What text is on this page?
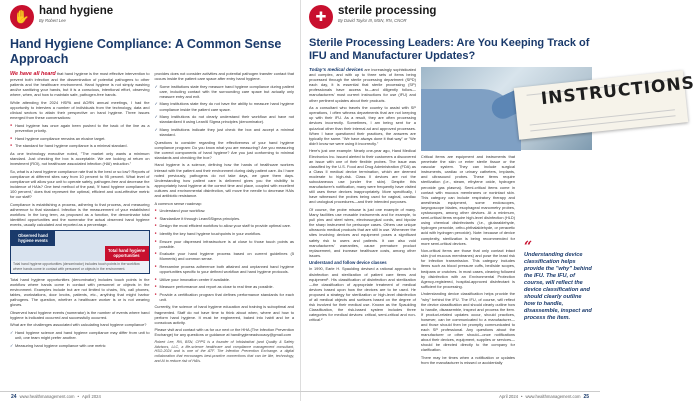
✋ hand hygiene
By Robert Lee
Hand Hygiene Compliance: A Common Sense Approach

We have all heard that hand hygiene is the most effective intervention to prevent both infection and the dissemination of potential pathogens to other patients and the healthcare environment. Hand hygiene is not simply washing and/or sanitizing your hands, but it is a conscious, intentional effort, observing where, when, and how to maintain safe, pathogen-free hands.

While attending the 2024 HSPA and AORN annual meetings, I had the opportunity to interview a number of individuals from the technology, data and clinical sectors to attain their perspective on hand hygiene. Three issues emerged from these conversations:

● Hand hygiene has once again been pushed to the back of the line as a prevention priority.

● Hand hygiene compliance remains an elusive target.

● The standard for hand hygiene compliance is a minimal standard.

As one technology executive noted, "The market only wants a minimum standard. Just checking the box is acceptable. We are looking at return on investment (ROI), not healthcare associated infection (HAI) reduction."

So, what is a hand hygiene compliance rate that is the best or so low? Reports of compliance at different sites vary from 10 percent to 95 percent. What level of compliance will allow your unit to operate safely, pathogen-free and decrease the incidence of HAIs? One best method of the past, 'if hand hygiene compliance is 100 percent,' does that represent the optimal, efficient and cost-effective metric for our staff?

Compliance is establishing a process, adhering to that process, and measuring adherence to that standard. Infection is the measurement of your established workflow. In the long term, as proposed as a function, the denominator total identified opportunities and the numerator the actual observed hand hygiene events, usually calculated and reported as a percentage.

Observed hand hygiene events
Total hand hygiene opportunities
Total hand hygiene opportunities (denominator) includes touch points in the workflow where hands come in contact with personnel or objects in the environment.

Total hand hygiene opportunities (denominator) includes touch points in the workflow where hands come in contact with personnel or objects in the environment. Examples include but are not limited to chairs, IVs, call phones, tables, workstations, door knobs, patients, etc., anything that might harbor pathogens. The question, whether a healthcare worker is or is not wearing gloves.

Observed hand hygiene events (numerator) is the number of events where hand hygiene is indicated occurred and successfully occurred.

What are the challenges associated with calculating hand hygiene compliance?

✓ Hand hygiene science and hand hygiene compliance may differ from unit to unit, one team might prefer another.

✓ Measuring hand hygiene compliance with one metric

provides does not consider activities and potential pathogen transfer contact that occurs inside the patient care space after entry hand hygiene.

✓ Some institutions state they measure hand hygiene compliance during patient care, including contact with the surrounding care space but actually only measure entry and exit.

✓ Many institutions state they do not have the ability to measure hand hygiene compliance inside the patient care space.

✓ Many institutions do not clearly understand their workflow and have not standardized it using Lean/6 Sigma principles (denominator).

✓ Many institutions indicate they just check the box and accept a minimal standard.

Questions to consider regarding the effectiveness of your hand hygiene compliance program: Do you know what you are measuring? Are you measuring the correct components of hand hygiene? Are you just conforming to minimal standards and checking the box?

Hand hygiene is a science, defining how the hands of healthcare workers interact with the patient and their environment during daily patient care. As I have noted previously, pathogens do not take days, we gave them days. Understanding how patient care is delivered gives you the visibility to appropriately hand hygiene at the correct time and place, coupled with excellent cultures and environmental disinfection, will move the needle to decrease HAIs and antibiotic resistance.

A common sense roadmap:

● Understand your workflow.

● Standardize it through Lean/6Sigma principles.

● Design the most efficient workflow to allow your staff to provide optimal care.

● Identify the key hand hygiene touchpoints in your workflow.

● Ensure your dispensed infrastructure is at close to those touch points as possible.

● Evaluate your hand hygiene process based on current guidelines (5 Moments) and common sense.

● Reexamine process adherence both attained and unplanned hand hygiene opportunities specific to your defined workflow and hand hygiene protocols.

● Utilize your innovation center if available.

● Measure performance and report as close to real time as possible.

● Provide a certification program that defines performance standards for each unit.

Currently, the science of hand hygiene education and training is suboptimal and fragmented. Staff do not have time to think about when, where and how to perform hand hygiene. It must be engineered, baked into habit and be a conscious activity.

Please visit and contact with us for our next or the HHA (The Infection Prevention Exchange) for any questions or guidance at handhygieneadvocacy@gmail.com

Robert Lee, RN, BSN, CPPS is a founder of Infolabsthat (and Quality & Safety Advisors, LLC, a life-science healthcare and compliance management consultant, HSO-2024 and is one of the ATF. The Infection Prevention Exchange. a digital collaboration that encourages best-practice connections that can be like, technology, and AI to reduce risk of HAIs.

✚	sterile processing
By David Taylor III, MSN, RN, CNOR
Sterile Processing Leaders: Are You Keeping Track of IFU and Manufacturer Updates?

Today's medical devices are increasingly sophisticated and complex, and with up to three sets of items being processed through the sterile processing department (SPD) each day, it is essential that sterile processing (SP) professionals have access to—and diligently follow—manufacturers' most current instructions for use (IFU) and other pertinent updates about their products.

As a consultant who travels the country to assist with SP operations, I often witness departments that are not keeping up with their IFU. As a result, they are often processing devices incorrectly. Sometimes, I am being sent for a quizzical other than their internal ad and approved processes. When I have questioned their practices, the answers are typically the same. "We have always done it that way" or "We didn't know we were using it incorrectly."

Here's just one example: Nearly one-year ago, Hand Medical Electronics Inc. issued alerted to their customers a discovered an issue with one of their flexible probes. The issue was classified by the U.S. Food and Drug Administration (FDA) as a Class II medical device termination, which are deemed moderate to high-risk. Class II devices are not the subcutaneous use (under the skin). Despite this manufacturer's notification, many were frequently have visited still uses these devices inappropriately. More specifically, I have witnessed the probes being used for vaginal, cardiac and urological procedures—and their intended purposes.

Of course, the probe misuse is just one example of many. Many facilities use reusable instruments and for example, to pull pins and steel wires, electrosurgical cords, and bipolar the sharp instrument for periscope cases. Others use unique ultrasonic medical products that are still in use. Whenever the sites involving devices and equipment poses a significant safety risk to users and patients. It can also void manufacturers' warranties, cause premature product replacement, and increase healthcare costs, among other issues.

Understand and follow device classes

In 1990, Earle H. Spaulding devised a rational approach to disinfection and sterilization of patient care items and equipment¹. His classification of disinfection and sterilization—the classification of appropriate treatment of medical devices based upon how the devices are to be used. He proposed a strategy for sterilization or high-level disinfection of all medical objects and surfaces based on the degree of risk involved for their medical use. Known as the Spaulding Classification, the risk-based system includes three categories for medical devices: critical, semi-critical and non-critical.²

INSTRUCTIONS

Critical items are equipment and instruments that penetrate the skin or enter sterile tissue or the vascular system. They can include surgical instruments, cardiac or urinary catheters, implants, and ultrasound probes. These items require sterilization (i.e., steam, ethylene oxide, hydrogen peroxide gas plasma). Semi-critical items come in contact with mucous membranes or nonintact skin. This category can include respiratory therapy and anesthesia equipment, some endoscopes, laryngoscope blades, esophageal manometry probes, cystoscopes, among other devices. At a minimum, semi-critical items require high-level disinfection (HLD) using chemical disinfectants (i.e., glutaraldehyde, hydrogen peroxide, ortho-phthalaldehyde, or peracetic acid with hydrogen peroxide). Note: because of device complexity, sterilization is being recommended for more semi-critical devices.

Non-critical items are those that only contact intact skin (not mucous membranes) and pose the least risk for infection transmission. This category includes items such as blood pressure cuffs, bed/side scopes, bedpans or crutches. In most cases, cleaning followed by disinfection with an Environmental Protection Agency-registered, hospital-approved disinfectant is sufficient for processing.

Understanding device classification helps provide the "why" behind the IFU. The IFU, of course, will reflect the device classification and should clearly outline how to handle, disassemble, inspect and process the item. If product-related updates occur, should practices, however, can be communicated to a manufacturer—and those should then be promptly communicated to each SP professional. Any questions about the manufacturer or other should—once notifications about their devices, equipment, supplies or services—should be directed directly to the company for clarification.

There may be times when a notification or updates from the manufacturer is missed or accidentally

“
Understanding device classification helps provide the "why" behind the IFU. The IFU, of course, will reflect the device classification and should clearly outline how to handle, disassemble, inspect and process the item.
24 www.healthmanagement.com • April 2024	April 2024 • www.healthmanagement.com 25
